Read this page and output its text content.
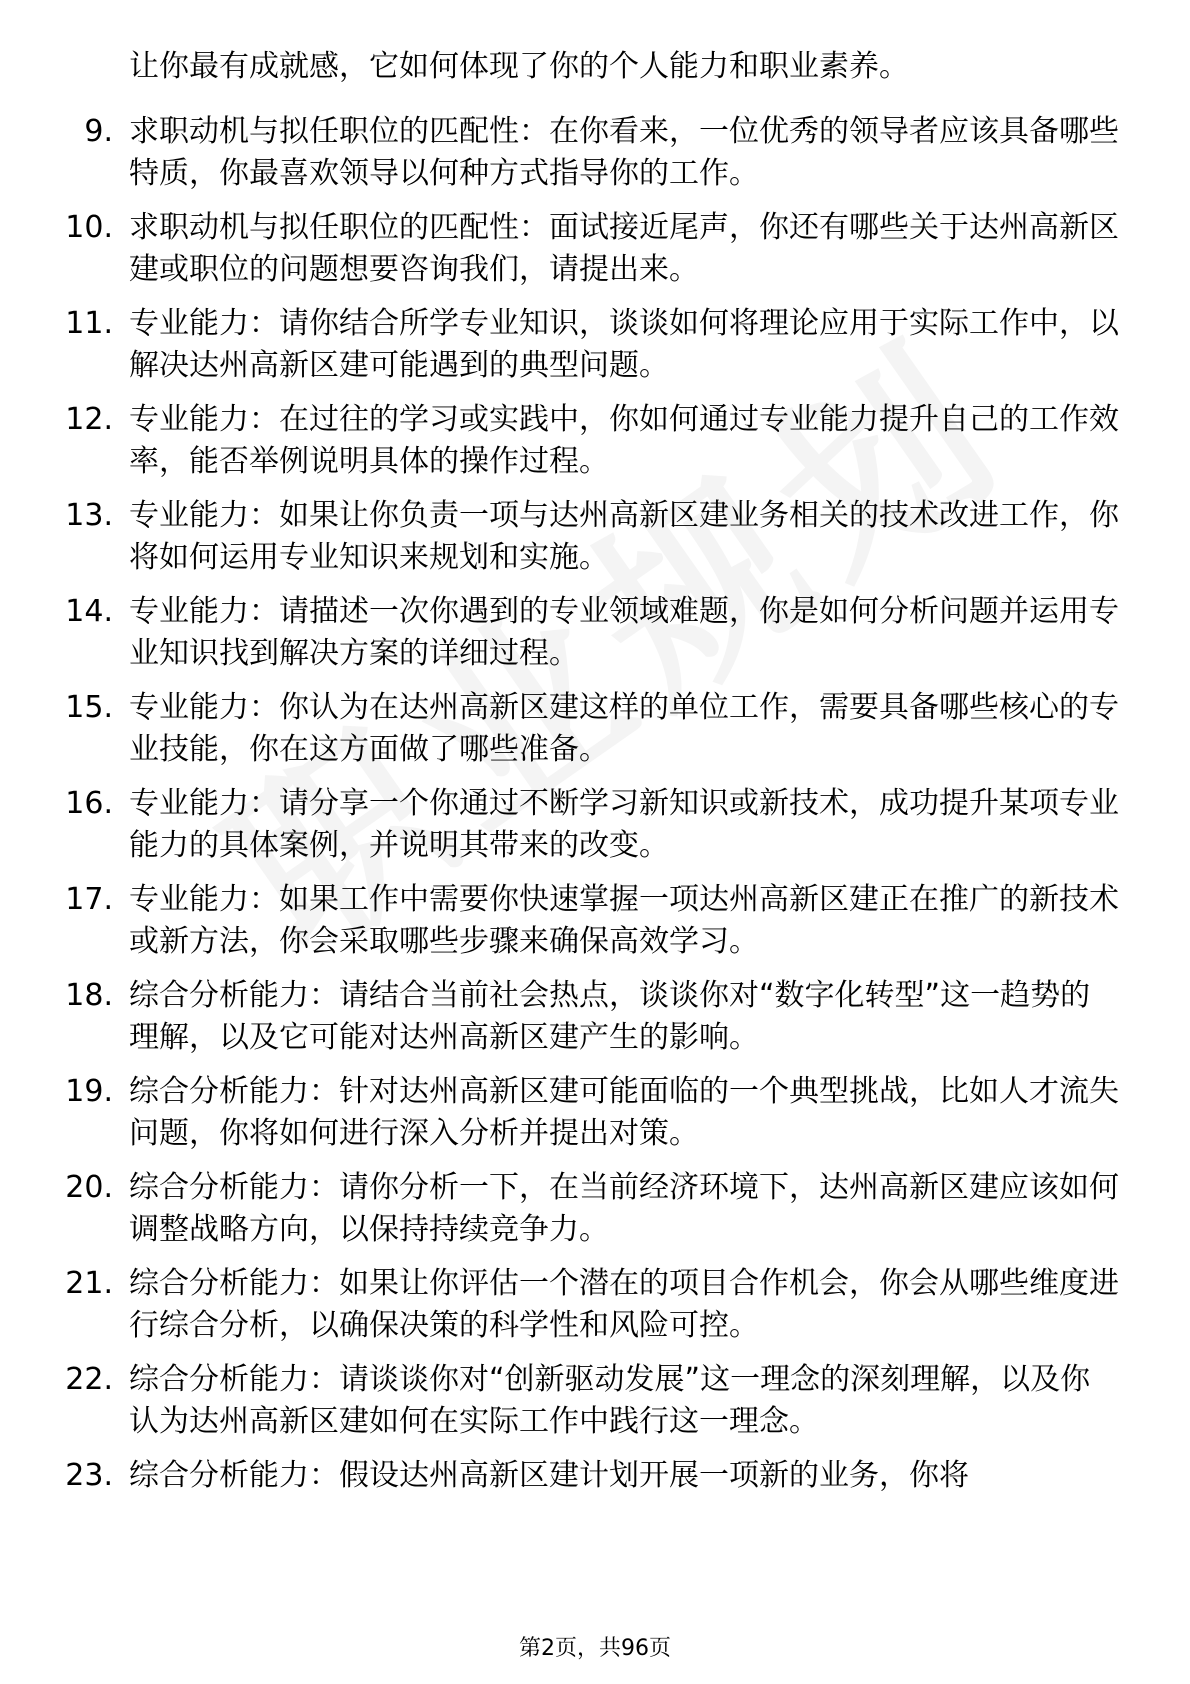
让你最有成就感，它如何体现了你的个人能力和职业素养。

9. 求职动机与拟任职位的匹配性：在你看来，一位优秀的领导者应该具备哪些特质，你最喜欢领导以何种方式指导你的工作。

10. 求职动机与拟任职位的匹配性：面试接近尾声，你还有哪些关于达州高新区建或职位的问题想要咨询我们，请提出来。

11. 专业能力：请你结合所学专业知识，谈谈如何将理论应用于实际工作中，以解决达州高新区建可能遇到的典型问题。

12. 专业能力：在过往的学习或实践中，你如何通过专业能力提升自己的工作效率，能否举例说明具体的操作过程。

13. 专业能力：如果让你负责一项与达州高新区建业务相关的技术改进工作，你将如何运用专业知识来规划和实施。

14. 专业能力：请描述一次你遇到的专业领域难题，你是如何分析问题并运用专业知识找到解决方案的详细过程。

15. 专业能力：你认为在达州高新区建这样的单位工作，需要具备哪些核心的专业技能，你在这方面做了哪些准备。

16. 专业能力：请分享一个你通过不断学习新知识或新技术，成功提升某项专业能力的具体案例，并说明其带来的改变。

17. 专业能力：如果工作中需要你快速掌握一项达州高新区建正在推广的新技术或新方法，你会采取哪些步骤来确保高效学习。

18. 综合分析能力：请结合当前社会热点，谈谈你对“数字化转型”这一趋势的理解，以及它可能对达州高新区建产生的影响。

19. 综合分析能力：针对达州高新区建可能面临的一个典型挑战，比如人才流失问题，你将如何进行深入分析并提出对策。

20. 综合分析能力：请你分析一下，在当前经济环境下，达州高新区建应该如何调整战略方向，以保持持续竞争力。

21. 综合分析能力：如果让你评估一个潜在的项目合作机会，你会从哪些维度进行综合分析，以确保决策的科学性和风险可控。

22. 综合分析能力：请谈谈你对“创新驱动发展”这一理念的深刻理解，以及你认为达州高新区建如何在实际工作中践行这一理念。

23. 综合分析能力：假设达州高新区建计划开展一项新的业务，你将

第2页，共96页
